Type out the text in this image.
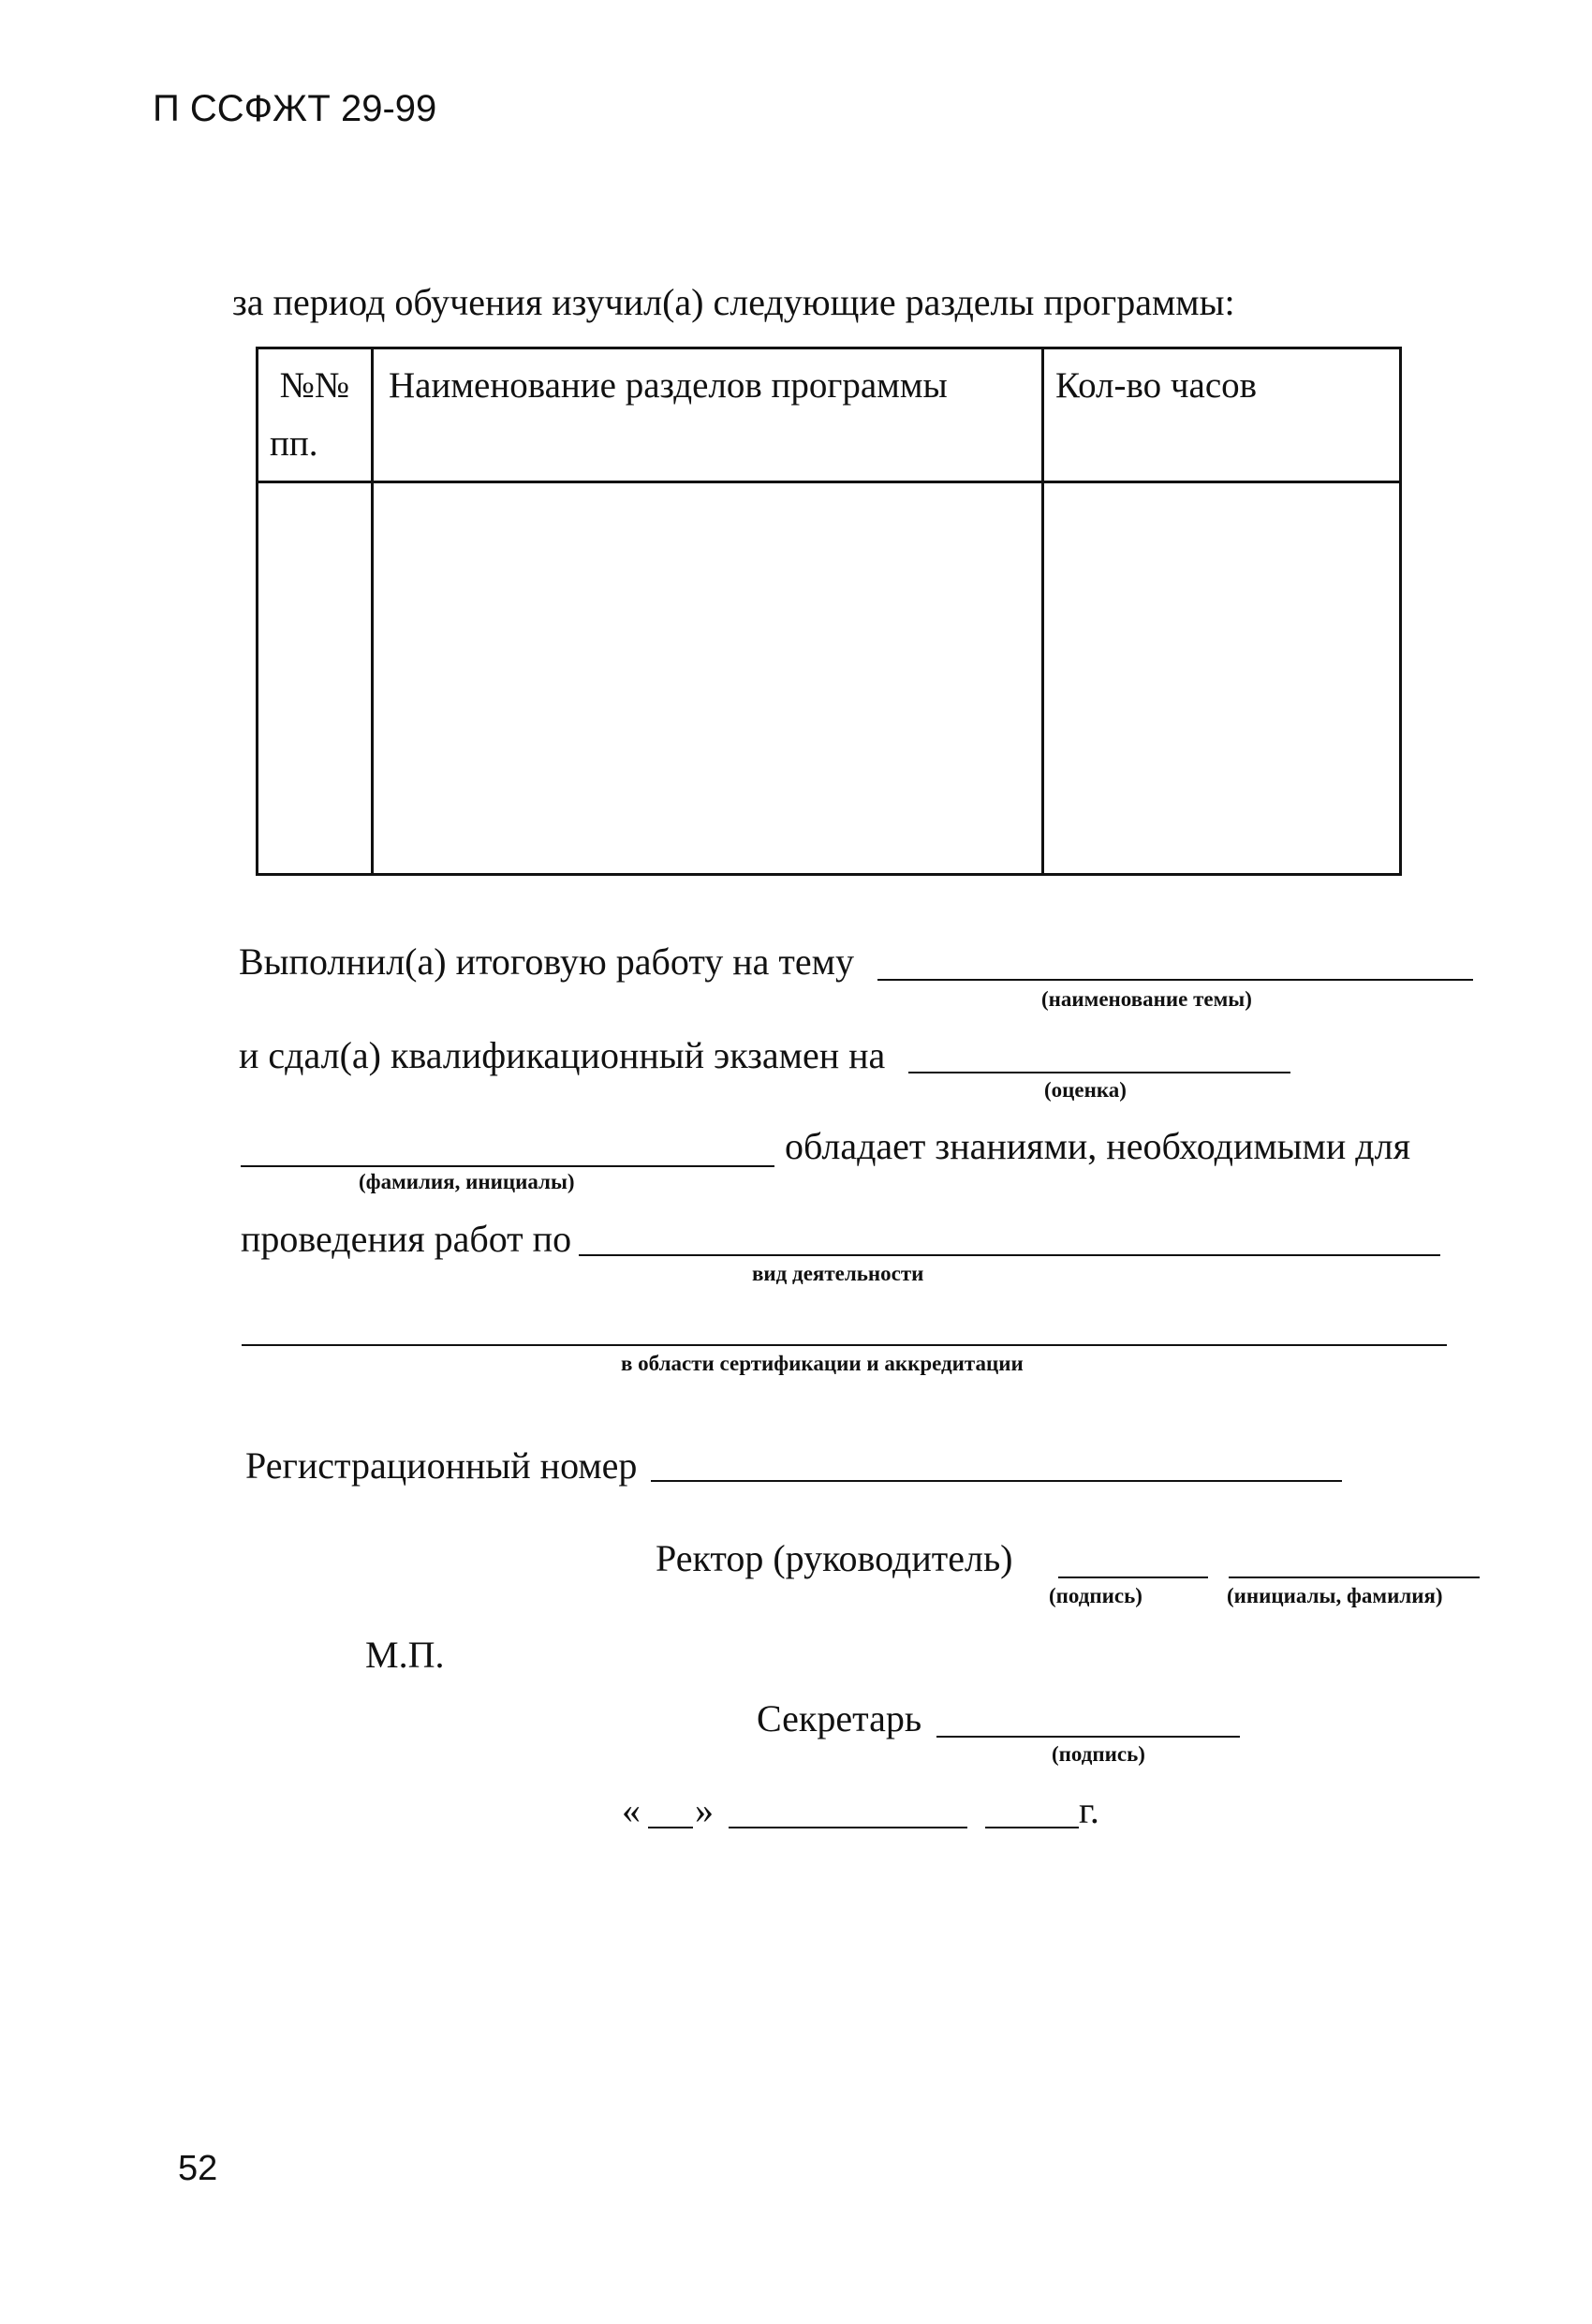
П ССФЖТ 29-99
за период обучения изучил(а) следующие разделы программы:
№№
пп.	Наименование разделов программы	Кол-во часов

Выполнил(а) итоговую работу на тему
(наименование темы)
и сдал(а) квалификационный экзамен на
(оценка)
обладает знаниями, необходимыми для
(фамилия, инициалы)
проведения работ по
вид деятельности
в области сертификации и аккредитации
Регистрационный номер
Ректор (руководитель)
(подпись)	(инициалы, фамилия)
М.П.
Секретарь
(подпись)
« »	г.
52
